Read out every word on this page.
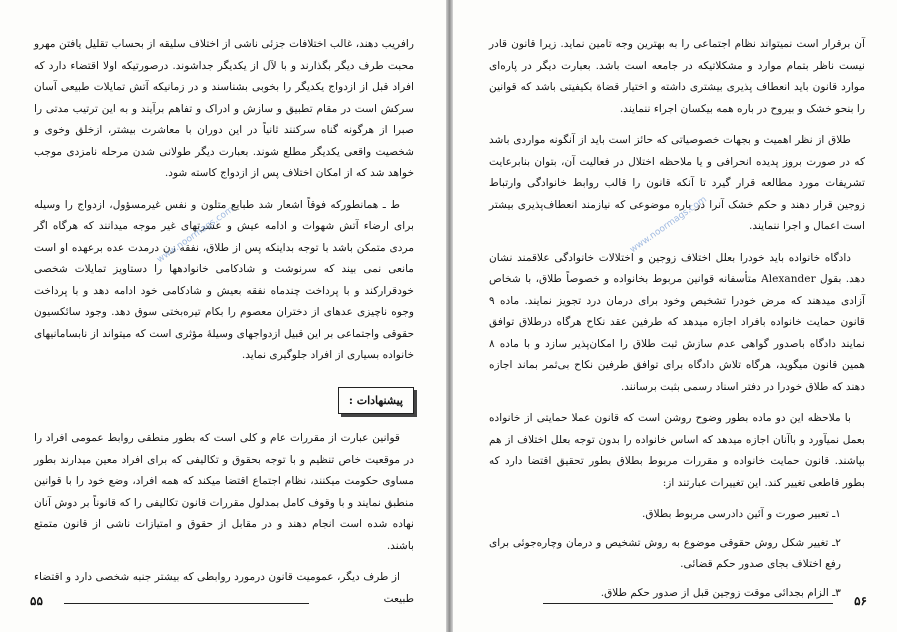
رافریب دهند، غالب اختلافات جزئی ناشی از اختلاف سلیقه از بحساب تقلیل یافتن مهرو محبت طرف دیگر بگذارند و با لآل از یکدیگر جداشوند. درصورتیکه اولا اقتضاء دارد که افراد قبل از ازدواج یکدیگر را بخوبی بشناسند و در زمانیکه آتش تمایلات طبیعی آسان سرکش است در مقام تطبیق و سازش و ادراک و تفاهم برآیند و به این ترتیب مدتی را صبرا از هرگونه گناه سرکنند ثانیاً در این دوران با معاشرت بیشتر، ازخلق وخوی و شخصیت واقعی یکدیگر مطلع شوند. بعبارت دیگر طولانی شدن مرحله نامزدی موجب خواهد شد که از امکان اختلاف پس از ازدواج کاسته شود.

ط ـ همانطورکه فوقاً اشعار شد طبایع متلون و نفس غیرمسؤول، ازدواج را وسیله برای ارضاء آتش شهوات و ادامه عیش و عشرتهای غیر موجه میدانند که هرگاه اگر مردی متمکن باشد با توجه بداینکه پس از طلاق، نفقه زن درمدت عده برعهده او است مانعی نمی بیند که سرنوشت و شادکامی خانوادهها را دستاویز تمایلات شخصی خودقرارکند و با پرداخت چندماه نفقه بعیش و شادکامی خود ادامه دهد و با پرداخت وجوه ناچیزی عدهای از دختران معصوم را بکام تیره‌بختی سوق دهد. وجود سائکسیون حقوقی واجتماعی بر این قبیل ازدواجهای وسیلهٔ مؤثری است که میتواند از نابسامانیهای خانواده بسیاری از افراد جلوگیری نماید.

پیشنهادات :

قوانین عبارت از مقررات عام و کلی است که بطور منطقی روابط عمومی افراد را در موقعیت خاص تنظیم و با توجه بحقوق و تکالیفی که برای افراد معین میدارند بطور مساوی حکومت میکنند، نظام اجتماع اقتضا میکند که همه افراد، وضع خود را با قوانین منطبق نمایند و با وقوف کامل بمدلول مقررات قانون تکالیفی را که قانوناً بر دوش آنان نهاده شده است انجام دهند و در مقابل از حقوق و امتیازات ناشی از قانون متمتع باشند.

از طرف دیگر، عمومیت قانون درمورد روابطی که بیشتر جنبه شخصی دارد و اقتضاء طبیعت

www.noormags.com
۵۵

آن برقرار است نمیتواند نظام اجتماعی را به بهترین وجه تامین نماید. زیرا قانون قادر نیست ناظر بتمام موارد و مشکلاتیکه در جامعه است باشد. بعبارت دیگر در پاره‌ای موارد قانون باید انعطاف پذیری بیشتری داشته و اختیار قضاة بکیفیتی باشد که قوانین را بنحو خشک و بیروح در باره همه بیکسان اجراء ننمایند.

طلاق از نظر اهمیت و بجهات خصوصیاتی که حائز است باید از آنگونه مواردی باشد که در صورت بروز پدیده انحرافی و یا ملاحظه اختلال در فعالیت آن، بتوان بنابرعایت تشریفات مورد مطالعه قرار گیرد تا آنکه قانون را قالب روابط خانوادگی وارتباط زوجین قرار دهند و حکم خشک آنرا در باره موضوعی که نیازمند انعطاف‌پذیری بیشتر است اعمال و اجرا ننمایند.

دادگاه خانواده باید خودرا بعلل اختلاف زوجین و اختلالات خانوادگی علاقمند نشان دهد. بقول Alexander متأسفانه قوانین مربوط بخانواده و خصوصاً طلاق، با شخاص آزادی میدهند که مرض خودرا تشخیص وخود برای درمان درد تجویز نمایند. ماده ۹ قانون حمایت خانواده بافراد اجازه میدهد که طرفین عقد نکاح هرگاه درطلاق توافق نمایند دادگاه باصدور گواهی عدم سازش ثبت طلاق را امکان‌پذیر سازد و با ماده ۸ همین قانون میگوید، هرگاه تلاش دادگاه برای توافق طرفین نکاح بی‌ثمر بماند اجازه دهند که طلاق خودرا در دفتر اسناد رسمی بثبت برسانند.

با ملاحظه این دو ماده بطور وضوح روشن است که قانون عملا حمایتی از خانواده بعمل نمیآورد و باآنان اجازه میدهد که اساس خانواده را بدون توجه بعلل اختلاف از هم بپاشند. قانون حمایت خانواده و مقررات مربوط بطلاق بطور تحقیق اقتضا دارد که بطور قاطعی تغییر کند. این تغییرات عبارتند از:

۱ـ تعبیر صورت و آئین دادرسی مربوط بطلاق.
۲ـ تغییر شکل روش حقوقی موضوع به روش تشخیص و درمان وچاره‌جوئی برای رفع اختلاف بجای صدور حکم قضائی.
۳ـ الزام بجدائی موقت زوجین قبل از صدور حکم طلاق.
www.noormags.com
۵۶
